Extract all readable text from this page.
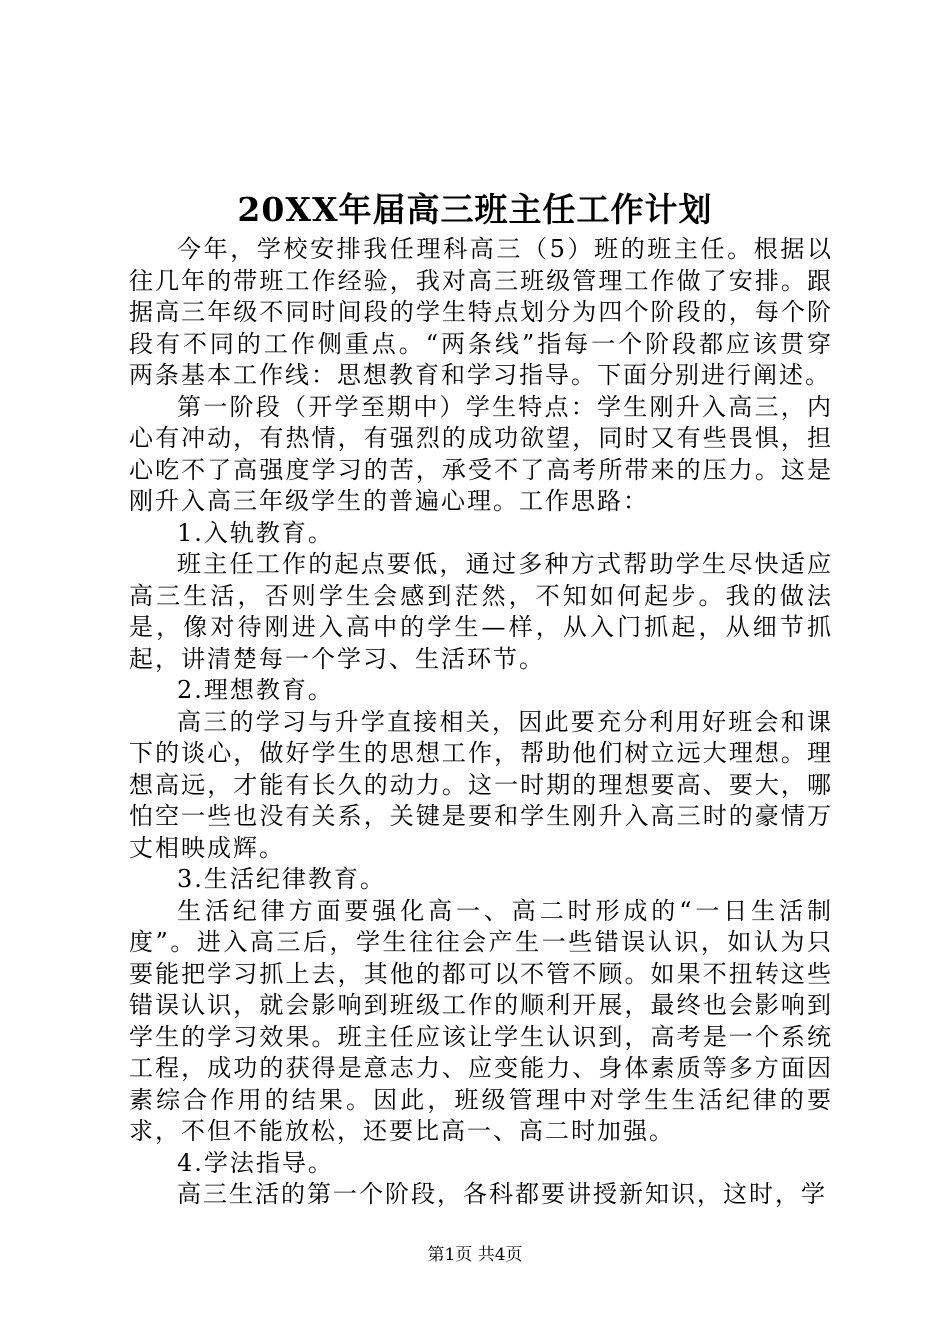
20XX年届高三班主任工作计划

今年，学校安排我任理科高三（5）班的班主任。根据以往几年的带班工作经验，我对高三班级管理工作做了安排。跟据高三年级不同时间段的学生特点划分为四个阶段的，每个阶段有不同的工作侧重点。“两条线”指每一个阶段都应该贯穿两条基本工作线：思想教育和学习指导。下面分别进行阐述。

第一阶段（开学至期中）学生特点：学生刚升入高三，内心有冲动，有热情，有强烈的成功欲望，同时又有些畏惧，担心吃不了高强度学习的苦，承受不了高考所带来的压力。这是刚升入高三年级学生的普遍心理。工作思路：

1.入轨教育。

班主任工作的起点要低，通过多种方式帮助学生尽快适应高三生活，否则学生会感到茫然，不知如何起步。我的做法是，像对待刚进入高中的学生—样，从入门抓起，从细节抓起，讲清楚每一个学习、生活环节。

2.理想教育。

高三的学习与升学直接相关，因此要充分利用好班会和课下的谈心，做好学生的思想工作，帮助他们树立远大理想。理想高远，才能有长久的动力。这一时期的理想要高、要大，哪怕空一些也没有关系，关键是要和学生刚升入高三时的豪情万丈相映成辉。

3.生活纪律教育。

生活纪律方面要强化高一、高二时形成的“一日生活制度”。进入高三后，学生往往会产生一些错误认识，如认为只要能把学习抓上去，其他的都可以不管不顾。如果不扭转这些错误认识，就会影响到班级工作的顺利开展，最终也会影响到学生的学习效果。班主任应该让学生认识到，高考是一个系统工程，成功的获得是意志力、应变能力、身体素质等多方面因素综合作用的结果。因此，班级管理中对学生生活纪律的要求，不但不能放松，还要比高一、高二时加强。

4.学法指导。

高三生活的第一个阶段，各科都要讲授新知识，这时，学

第1页 共4页
